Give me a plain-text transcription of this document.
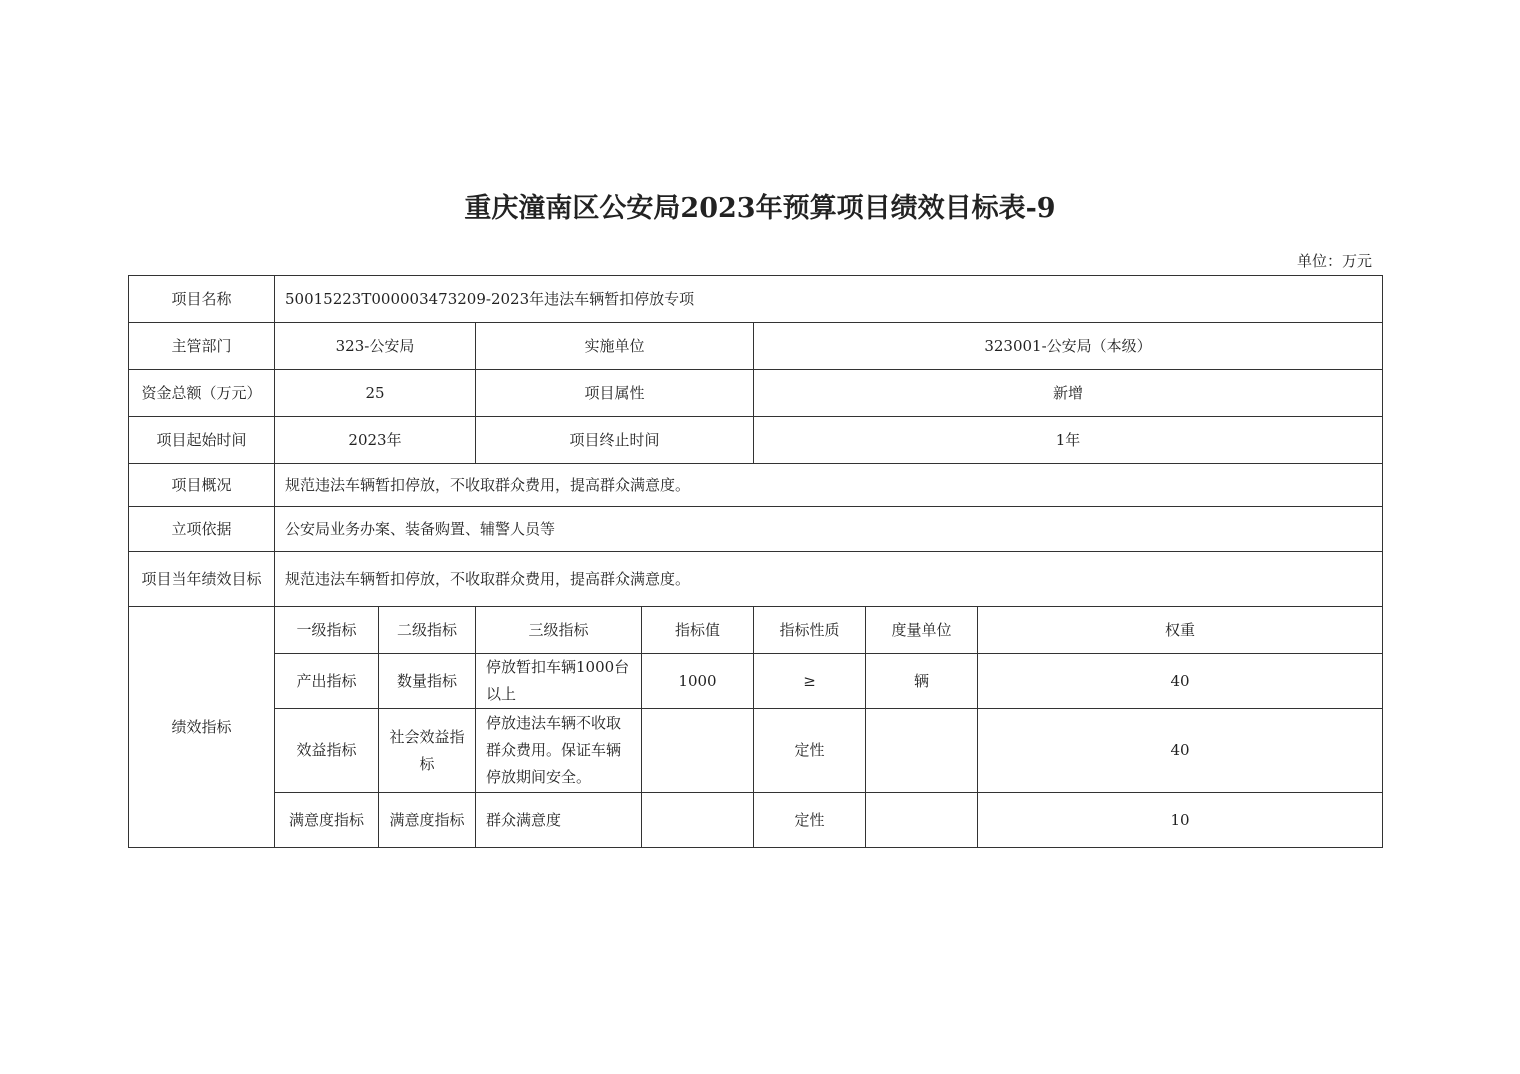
重庆潼南区公安局2023年预算项目绩效目标表-9
单位：万元
项目名称	50015223T000003473209-2023年违法车辆暂扣停放专项						
主管部门	323-公安局		实施单位		323001-公安局（本级）		
资金总额（万元）	25		项目属性		新增		
项目起始时间	2023年		项目终止时间		1年		
项目概况	规范违法车辆暂扣停放，不收取群众费用，提高群众满意度。						
立项依据	公安局业务办案、装备购置、辅警人员等						
项目当年绩效目标	规范违法车辆暂扣停放，不收取群众费用，提高群众满意度。						
绩效指标	一级指标	二级指标	三级指标	指标值	指标性质	度量单位	权重
	产出指标	数量指标	停放暂扣车辆1000台以上	1000	≥	辆	40
	效益指标	社会效益指标	停放违法车辆不收取群众费用。保证车辆停放期间安全。		定性		40
	满意度指标	满意度指标	群众满意度		定性		10
